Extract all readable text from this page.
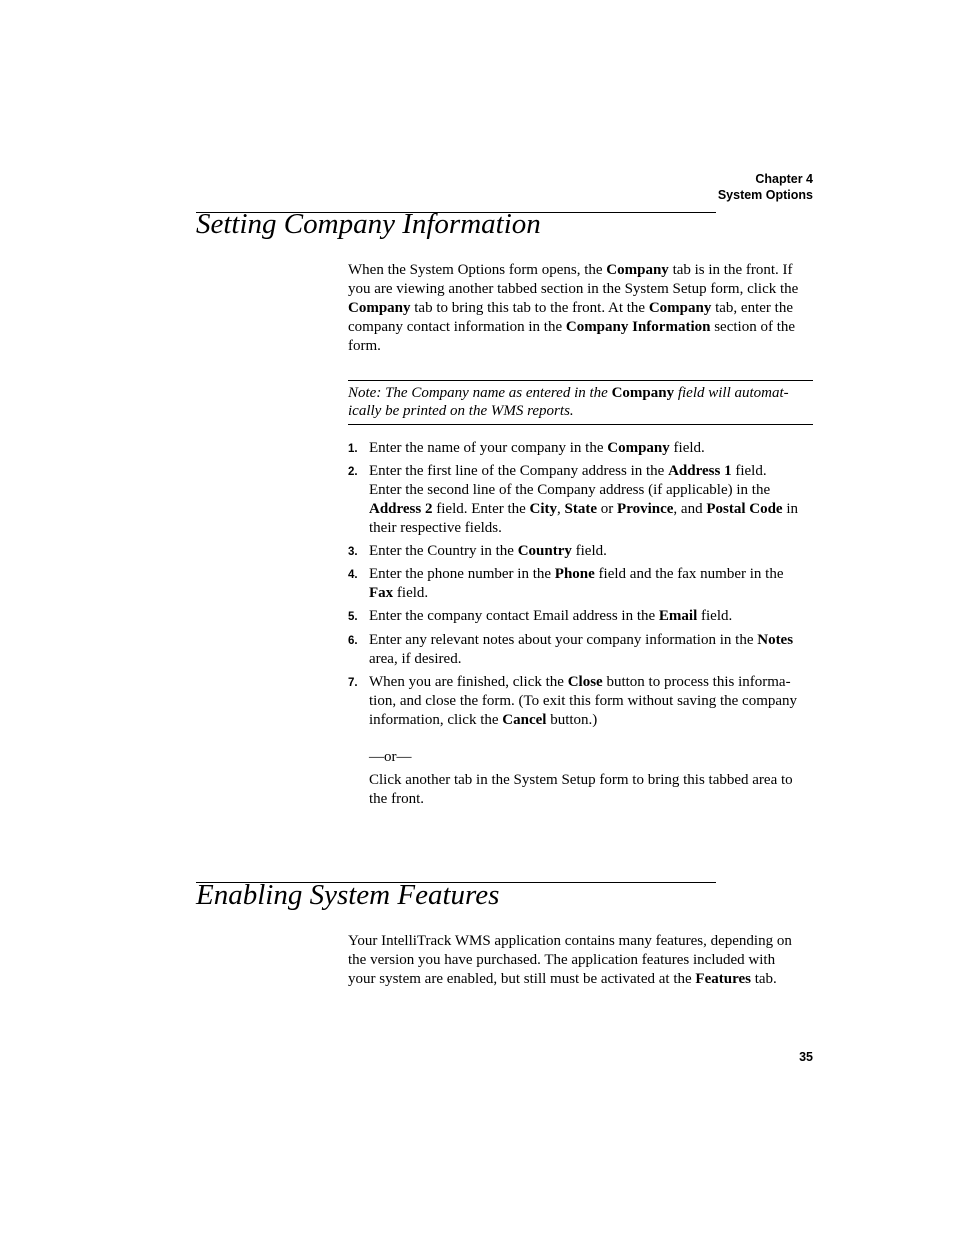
Chapter 4
System Options
Setting Company Information
When the System Options form opens, the Company tab is in the front. If
you are viewing another tabbed section in the System Setup form, click the
Company tab to bring this tab to the front. At the Company tab, enter the
company contact information in the Company Information section of the
form.
Note: The Company name as entered in the Company field will automat-
ically be printed on the WMS reports.
1. Enter the name of your company in the Company field.
2. Enter the first line of the Company address in the Address 1 field.
Enter the second line of the Company address (if applicable) in the
Address 2 field. Enter the City, State or Province, and Postal Code in
their respective fields.
3. Enter the Country in the Country field.
4. Enter the phone number in the Phone field and the fax number in the
Fax field.
5. Enter the company contact Email address in the Email field.
6. Enter any relevant notes about your company information in the Notes
area, if desired.
7. When you are finished, click the Close button to process this informa-
tion, and close the form. (To exit this form without saving the company
information, click the Cancel button.)
—or—
Click another tab in the System Setup form to bring this tabbed area to
the front.
Enabling System Features
Your IntelliTrack WMS application contains many features, depending on
the version you have purchased. The application features included with
your system are enabled, but still must be activated at the Features tab.
35
